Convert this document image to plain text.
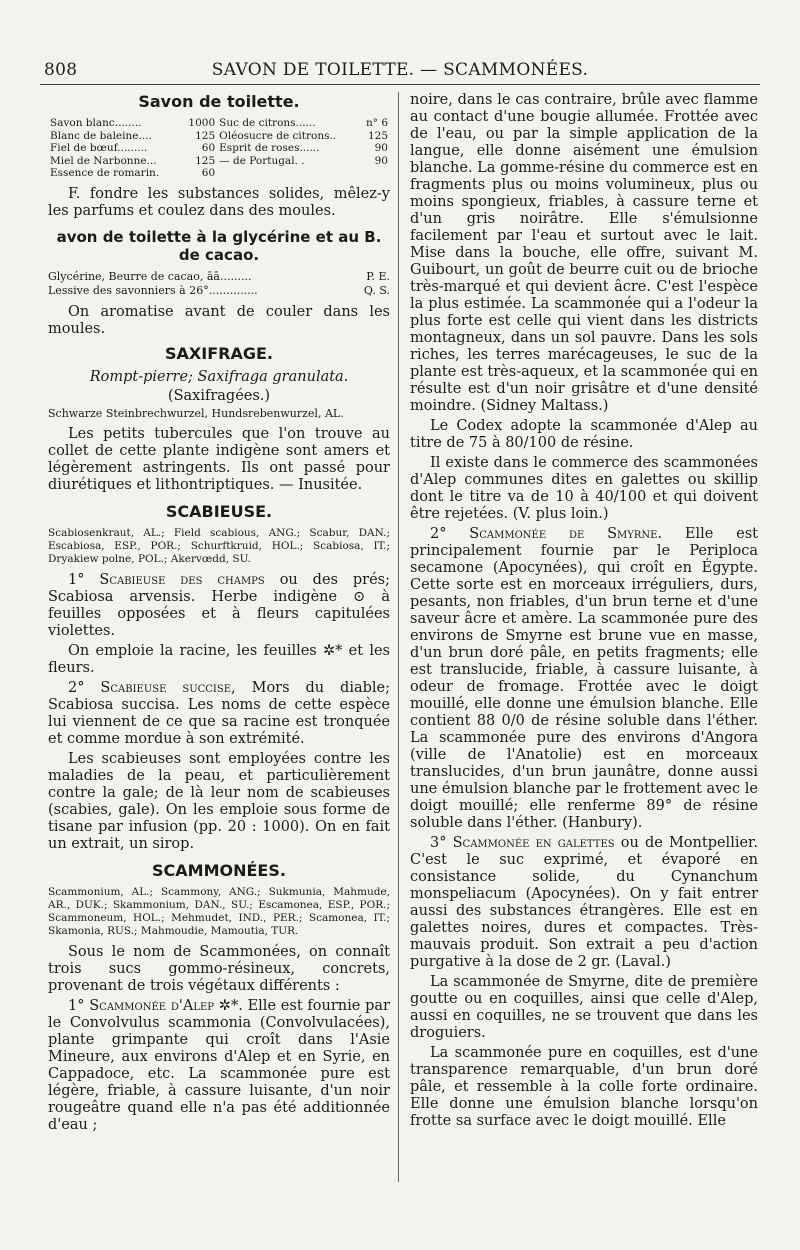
808	SAVON DE TOILETTE. — SCAMMONÉES.
Savon de toilette.
Savon blanc........	1000	Suc de citrons......	n° 6
Blanc de baleine....	125	Oléosucre de citrons..	125
Fiel de bœuf.........	60	Esprit de roses......	90
Miel de Narbonne...	125	— de Portugal. .	90
Essence de romarin.	60		

F. fondre les substances solides, mêlez-y les parfums et coulez dans des moules.

avon de toilette à la glycérine et au B. de cacao.
Glycérine, Beurre de cacao, āā.........	P. E.
Lessive des savonniers à 26°..............	Q. S.

On aromatise avant de couler dans les moules.

SAXIFRAGE.
Rompt-pierre; Saxifraga granulata.
(Saxifragées.)
Schwarze Steinbrechwurzel, Hundsrebenwurzel, AL.

Les petits tubercules que l'on trouve au collet de cette plante indigène sont amers et légèrement astringents. Ils ont passé pour diurétiques et lithontriptiques. — Inusitée.

SCABIEUSE.
Scabiosenkraut, AL.; Field scabious, ANG.; Scabur, DAN.; Escabiosa, ESP., POR.; Schurftkruid, HOL.; Scabiosa, IT.; Dryakiew polne, POL.; Akervœdd, SU.

1° Scabieuse des champs ou des prés; Scabiosa arvensis. Herbe indigène ⊙ à feuilles opposées et à fleurs capitulées violettes.

On emploie la racine, les feuilles ✲* et les fleurs.

2° Scabieuse succise, Mors du diable; Scabiosa succisa. Les noms de cette espèce lui viennent de ce que sa racine est tronquée et comme mordue à son extrémité.

Les scabieuses sont employées contre les maladies de la peau, et particulièrement contre la gale; de là leur nom de scabieuses (scabies, gale). On les emploie sous forme de tisane par infusion (pp. 20 : 1000). On en fait un extrait, un sirop.

SCAMMONÉES.
Scammonium, AL.; Scammony, ANG.; Sukmunia, Mahmude, AR., DUK.; Skammonium, DAN., SU.; Escamonea, ESP., POR.; Scammoneum, HOL.; Mehmudet, IND., PER.; Scamonea, IT.; Skamonia, RUS.; Mahmoudie, Mamoutia, TUR.

Sous le nom de Scammonées, on connaît trois sucs gommo-résineux, concrets, provenant de trois végétaux différents :

1° Scammonée d'Alep ✲*. Elle est fournie par le Convolvulus scammonia (Convolvulacées), plante grimpante qui croît dans l'Asie Mineure, aux environs d'Alep et en Syrie, en Cappadoce, etc. La scammonée pure est légère, friable, à cassure luisante, d'un noir rougeâtre quand elle n'a pas été additionnée d'eau ;

noire, dans le cas contraire, brûle avec flamme au contact d'une bougie allumée. Frottée avec de l'eau, ou par la simple application de la langue, elle donne aisément une émulsion blanche. La gomme-résine du commerce est en fragments plus ou moins volumineux, plus ou moins spongieux, friables, à cassure terne et d'un gris noirâtre. Elle s'émulsionne facilement par l'eau et surtout avec le lait. Mise dans la bouche, elle offre, suivant M. Guibourt, un goût de beurre cuit ou de brioche très-marqué et qui devient âcre. C'est l'espèce la plus estimée. La scammonée qui a l'odeur la plus forte est celle qui vient dans les districts montagneux, dans un sol pauvre. Dans les sols riches, les terres marécageuses, le suc de la plante est très-aqueux, et la scammonée qui en résulte est d'un noir grisâtre et d'une densité moindre. (Sidney Maltass.)

Le Codex adopte la scammonée d'Alep au titre de 75 à 80/100 de résine.

Il existe dans le commerce des scammonées d'Alep communes dites en galettes ou skillip dont le titre va de 10 à 40/100 et qui doivent être rejetées. (V. plus loin.)

2° Scammonée de Smyrne. Elle est principalement fournie par le Periploca secamone (Apocynées), qui croît en Égypte. Cette sorte est en morceaux irréguliers, durs, pesants, non friables, d'un brun terne et d'une saveur âcre et amère. La scammonée pure des environs de Smyrne est brune vue en masse, d'un brun doré pâle, en petits fragments; elle est translucide, friable, à cassure luisante, à odeur de fromage. Frottée avec le doigt mouillé, elle donne une émulsion blanche. Elle contient 88 0/0 de résine soluble dans l'éther. La scammonée pure des environs d'Angora (ville de l'Anatolie) est en morceaux translucides, d'un brun jaunâtre, donne aussi une émulsion blanche par le frottement avec le doigt mouillé; elle renferme 89° de résine soluble dans l'éther. (Hanbury).

3° Scammonée en galettes ou de Montpellier. C'est le suc exprimé, et évaporé en consistance solide, du Cynanchum monspeliacum (Apocynées). On y fait entrer aussi des substances étrangères. Elle est en galettes noires, dures et compactes. Très-mauvais produit. Son extrait a peu d'action purgative à la dose de 2 gr. (Laval.)

La scammonée de Smyrne, dite de première goutte ou en coquilles, ainsi que celle d'Alep, aussi en coquilles, ne se trouvent que dans les droguiers.

La scammonée pure en coquilles, est d'une transparence remarquable, d'un brun doré pâle, et ressemble à la colle forte ordinaire. Elle donne une émulsion blanche lorsqu'on frotte sa surface avec le doigt mouillé. Elle
